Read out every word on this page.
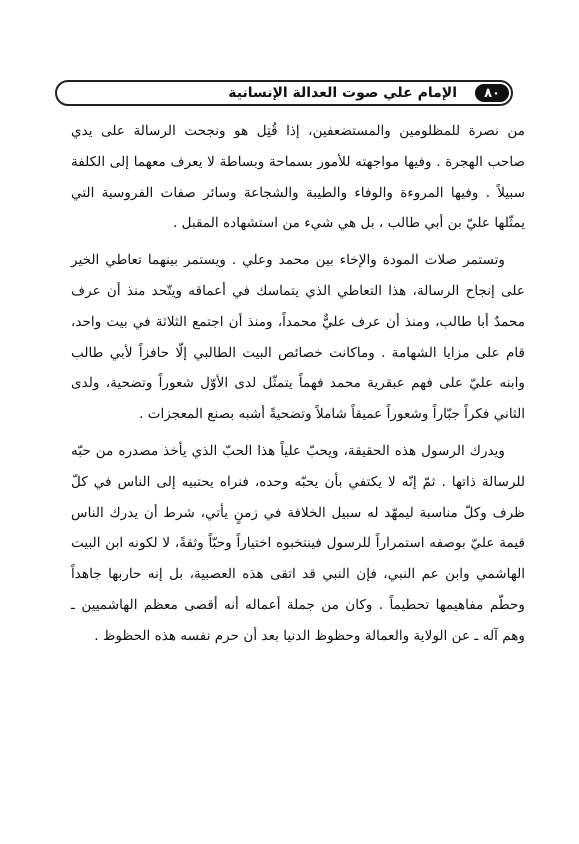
٨٠
الإمام علي صوت العدالة الإنسانية

من نصرة للمظلومين والمستضعفين، إذا قُتِل هو ونجحت الرسالة على يدي صاحب الهجرة . وفيها مواجهته للأمور بسماحة وبساطة لا يعرف معهما إلى الكلفة سبيلاً . وفيها المروءة والوفاء والطيبة والشجاعة وسائر صفات الفروسية التي يمثّلها عليّ بن أبي طالب ، بل هي شيء من استشهاده المقبل .

وتستمر صلات المودة والإخاء بين محمد وعلي . ويستمر بينهما تعاطي الخير على إنجاح الرسالة، هذا التعاطي الذي يتماسك في أعماقه ويتّحد منذ أن عرف محمدٌ أبا طالب، ومنذ أن عرف عليٌّ محمداً، ومنذ أن اجتمع الثلاثة في بيت واحد، قام على مزايا الشهامة . وماكانت خصائص البيت الطالبي إلّا حافزاً لأبي طالب وابنه عليّ على فهم عبقرية محمد فهماً يتمثّل لدى الأوّل شعوراً وتضحية، ولدى الثاني فكراً جبّاراً وشعوراً عميقاً شاملاً وتضحيةً أشبه بصنع المعجزات .

ويدرك الرسول هذه الحقيقة، ويحبّ علياً هذا الحبّ الذي يأخذ مصدره من حبّه للرسالة ذاتها . ثمّ إنّه لا يكتفي بأن يحبّه وحده، فنراه يحتبيه إلى الناس في كلّ ظرف وكلّ مناسبة ليمهّد له سبيل الخلافة في زمنٍ يأتي، شرط أن يدرك الناس قيمة عليّ بوصفه استمراراً للرسول فينتخبوه اختياراً وحبّاً وثقةً، لا لكونه ابن البيت الهاشمي وابن عم النبي، فإن النبي قد اتقى هذه العصبية، بل إنه حاربها جاهداً وحطّم مفاهيمها تحطيماً . وكان من جملة أعماله أنه أقصى معظم الهاشميين ـ وهم آله ـ عن الولاية والعمالة وحظوظ الدنيا بعد أن حرم نفسه هذه الحظوظ .
